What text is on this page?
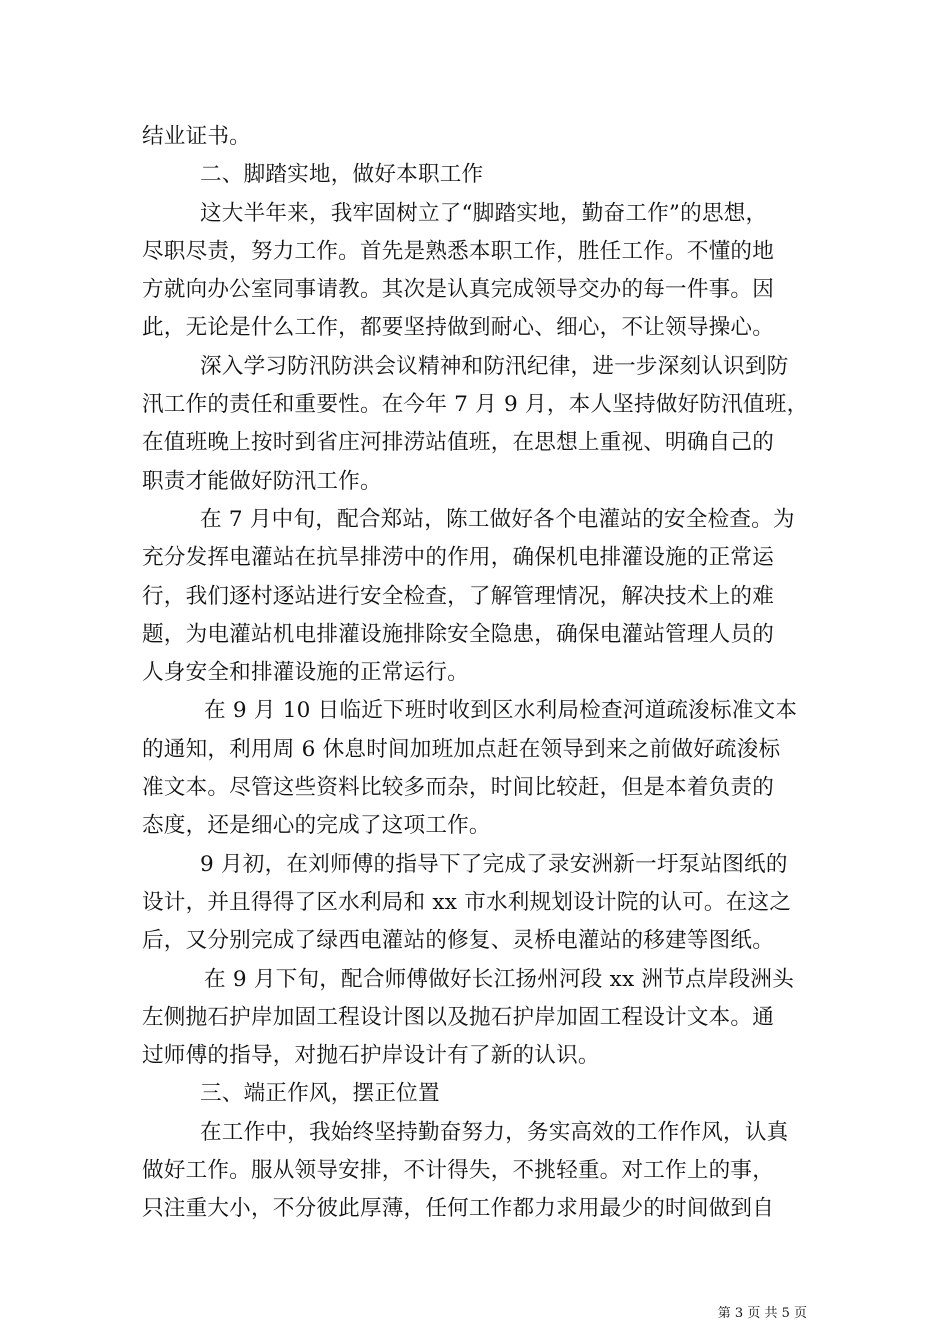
结业证书。
二、脚踏实地，做好本职工作
这大半年来，我牢固树立了“脚踏实地，勤奋工作”的思想，
尽职尽责，努力工作。首先是熟悉本职工作，胜任工作。不懂的地
方就向办公室同事请教。其次是认真完成领导交办的每一件事。因
此，无论是什么工作，都要坚持做到耐心、细心，不让领导操心。
深入学习防汛防洪会议精神和防汛纪律，进一步深刻认识到防
汛工作的责任和重要性。在今年 7 月 9 月，本人坚持做好防汛值班，
在值班晚上按时到省庄河排涝站值班，在思想上重视、明确自己的
职责才能做好防汛工作。
在 7 月中旬，配合郑站，陈工做好各个电灌站的安全检查。为
充分发挥电灌站在抗旱排涝中的作用，确保机电排灌设施的正常运
行，我们逐村逐站进行安全检查，了解管理情况，解决技术上的难
题，为电灌站机电排灌设施排除安全隐患，确保电灌站管理人员的
人身安全和排灌设施的正常运行。
在 9 月 10 日临近下班时收到区水利局检查河道疏浚标准文本
的通知，利用周 6 休息时间加班加点赶在领导到来之前做好疏浚标
准文本。尽管这些资料比较多而杂，时间比较赶，但是本着负责的
态度，还是细心的完成了这项工作。
9 月初，在刘师傅的指导下了完成了录安洲新一圩泵站图纸的
设计，并且得得了区水利局和 xx 市水利规划设计院的认可。在这之
后，又分别完成了绿西电灌站的修复、灵桥电灌站的移建等图纸。
在 9 月下旬，配合师傅做好长江扬州河段 xx 洲节点岸段洲头
左侧抛石护岸加固工程设计图以及抛石护岸加固工程设计文本。通
过师傅的指导，对抛石护岸设计有了新的认识。
三、端正作风，摆正位置
在工作中，我始终坚持勤奋努力，务实高效的工作作风，认真
做好工作。服从领导安排，不计得失，不挑轻重。对工作上的事，
只注重大小，不分彼此厚薄，任何工作都力求用最少的时间做到自
第 3 页 共 5 页
